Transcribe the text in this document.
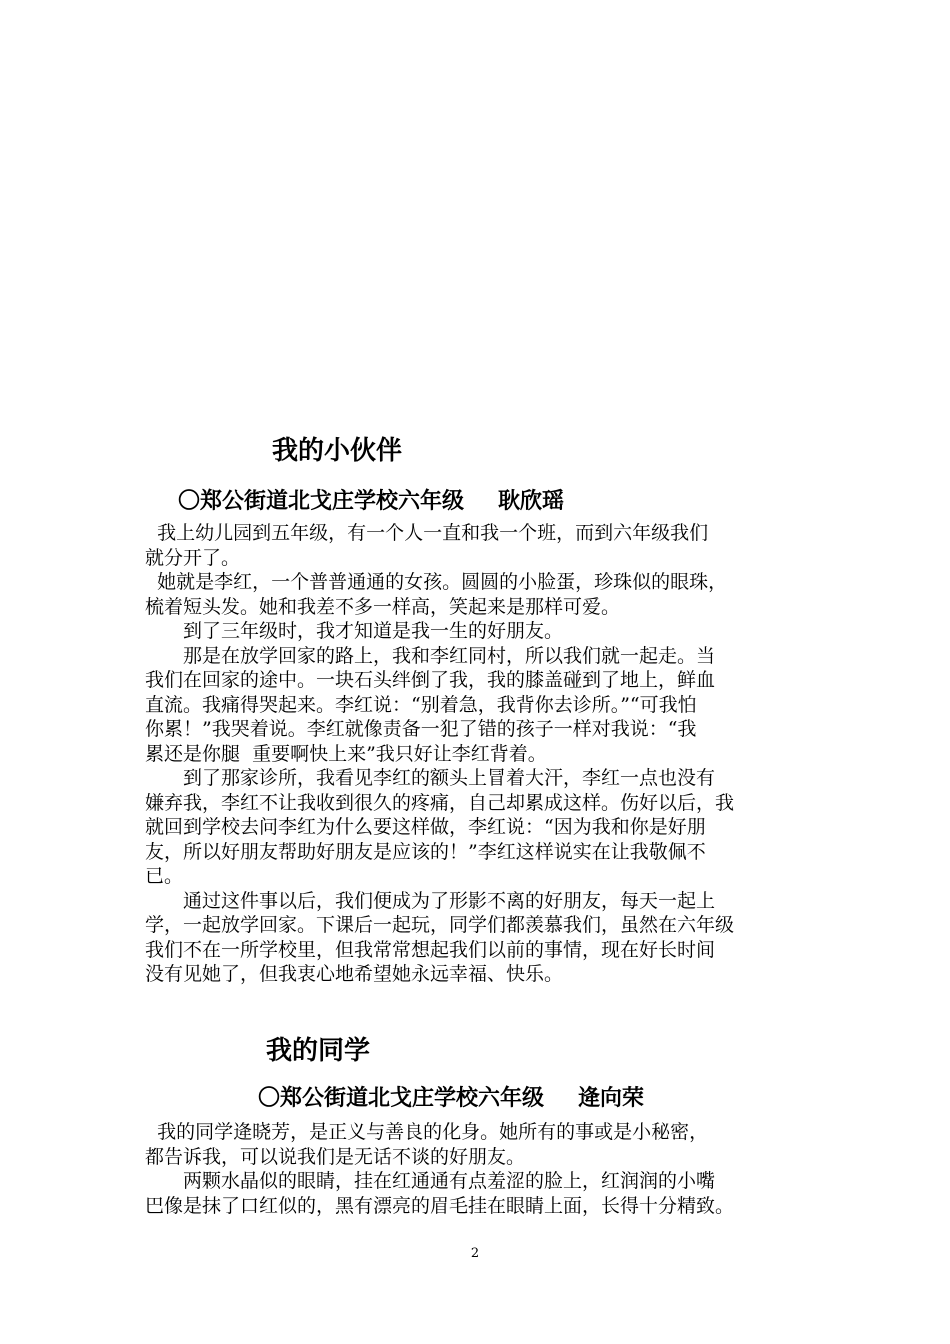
我的小伙伴
〇郑公街道北戈庄学校六年级 耿欣瑶
我上幼儿园到五年级，有一个人一直和我一个班，而到六年级我们
就分开了。
她就是李红，一个普普通通的女孩。圆圆的小脸蛋，珍珠似的眼珠，
梳着短头发。她和我差不多一样高，笑起来是那样可爱。
　　到了三年级时，我才知道是我一生的好朋友。
　　那是在放学回家的路上，我和李红同村，所以我们就一起走。当
我们在回家的途中。一块石头绊倒了我，我的膝盖碰到了地上，鲜血
直流。我痛得哭起来。李红说：“别着急，我背你去诊所。”“可我怕
你累！”我哭着说。李红就像责备一犯了错的孩子一样对我说：“我
累还是你腿  重要啊快上来”我只好让李红背着。
　　到了那家诊所，我看见李红的额头上冒着大汗，李红一点也没有
嫌弃我，李红不让我收到很久的疼痛，自己却累成这样。伤好以后，我
就回到学校去问李红为什么要这样做，李红说：“因为我和你是好朋
友，所以好朋友帮助好朋友是应该的！”李红这样说实在让我敬佩不
已。
　　通过这件事以后，我们便成为了形影不离的好朋友，每天一起上
学，一起放学回家。下课后一起玩，同学们都羡慕我们，虽然在六年级
我们不在一所学校里，但我常常想起我们以前的事情，现在好长时间
没有见她了，但我衷心地希望她永远幸福、快乐。
我的同学
〇郑公街道北戈庄学校六年级 逄向荣
我的同学逄晓芳，是正义与善良的化身。她所有的事或是小秘密，
都告诉我，可以说我们是无话不谈的好朋友。
　　两颗水晶似的眼睛，挂在红通通有点羞涩的脸上，红润润的小嘴
巴像是抹了口红似的，黑有漂亮的眉毛挂在眼睛上面，长得十分精致。
2
